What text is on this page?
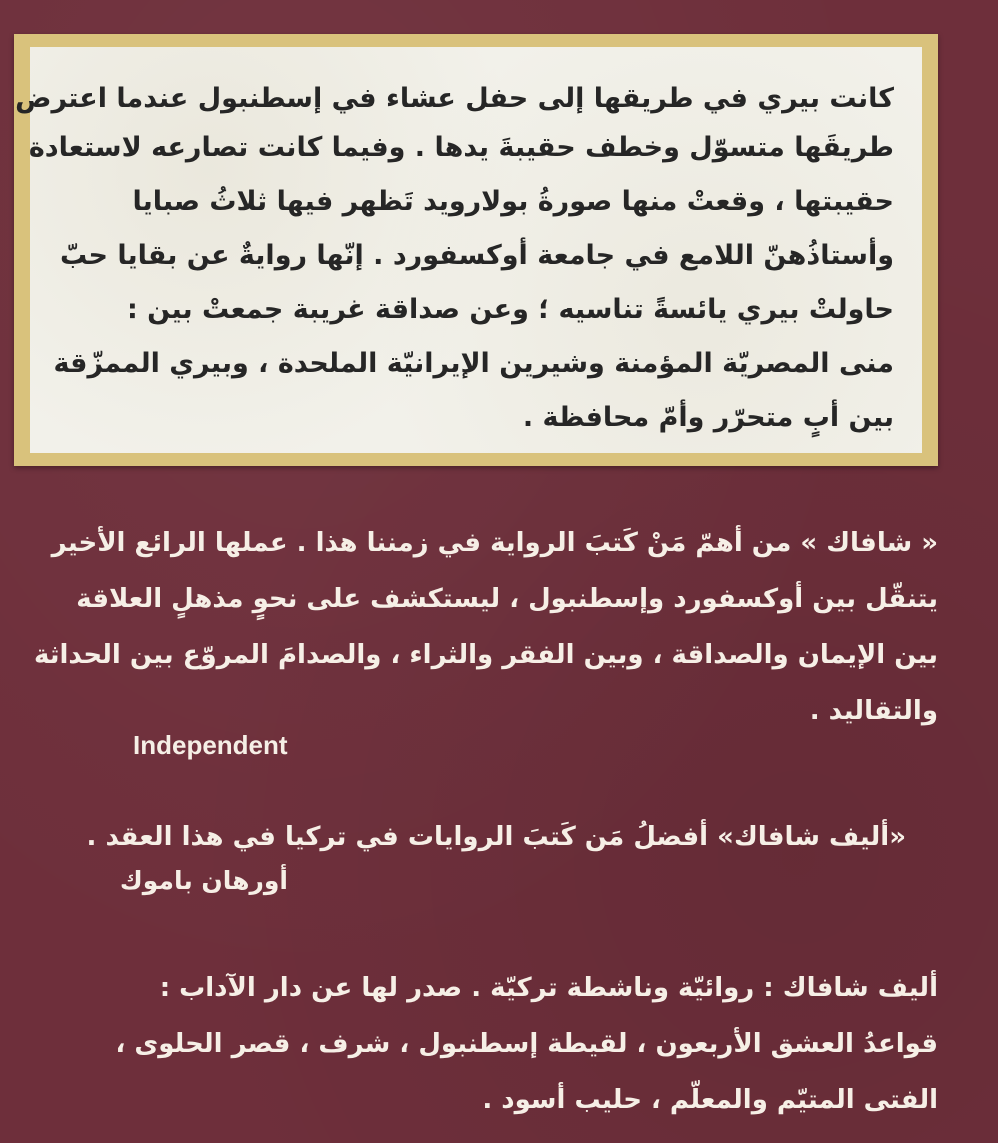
كانت بيري في طريقها إلى حفل عشاء في إسطنبول عندما اعترض
طريقَها متسوّل وخطف حقيبةَ يدها . وفيما كانت تصارعه لاستعادة
حقيبتها ، وقعتْ منها صورةُ بولارويد تَظهر فيها ثلاثُ صبايا
وأستاذُهنّ اللامع في جامعة أوكسفورد . إنّها روايةٌ عن بقايا حبّ
حاولتْ بيري يائسةً تناسيه ؛ وعن صداقة غريبة جمعتْ بين :
منى المصريّة المؤمنة وشيرين الإيرانيّة الملحدة ، وبيري الممزّقة
بين أبٍ متحرّر وأمّ محافظة .
« شافاك » من أهمّ مَنْ كَتبَ الرواية في زمننا هذا . عملها الرائع الأخير
يتنقّل بين أوكسفورد وإسطنبول ، ليستكشف على نحوٍ مذهلٍ العلاقة
بين الإيمان والصداقة ، وبين الفقر والثراء ، والصدامَ المروّع بين الحداثة
والتقاليد .
Independent
«أليف شافاك» أفضلُ مَن كَتبَ الروايات في تركيا في هذا العقد .
أورهان باموك
أليف شافاك : روائيّة وناشطة تركيّة . صدر لها عن دار الآداب :
قواعدُ العشق الأربعون ، لقيطة إسطنبول ، شرف ، قصر الحلوى ،
الفتى المتيّم والمعلّم ، حليب أسود .
